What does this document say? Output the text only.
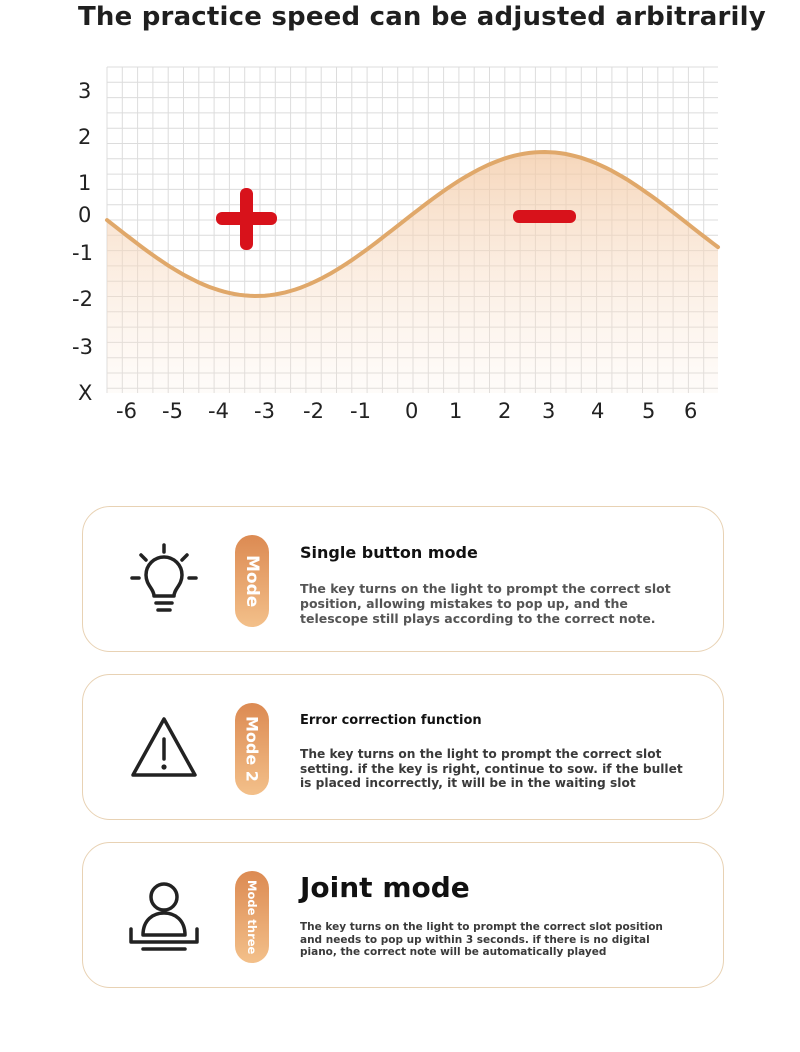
The practice speed can be adjusted arbitrarily
3
2
1
0
-1
-2
-3
X
-6 -5 -4 -3 -2 -1 0 1 2 3 4 5 6
Mode
Single button mode
The key turns on the light to prompt the correct slot position, allowing mistakes to pop up, and the telescope still plays according to the correct note.
Mode 2	Error correction function
The key turns on the light to prompt the correct slot setting. if the key is right, continue to sow. if the bullet is placed incorrectly, it will be in the waiting slot
Mode three Joint mode
The key turns on the light to prompt the correct slot position and needs to pop up within 3 seconds. if there is no digital piano, the correct note will be automatically played
